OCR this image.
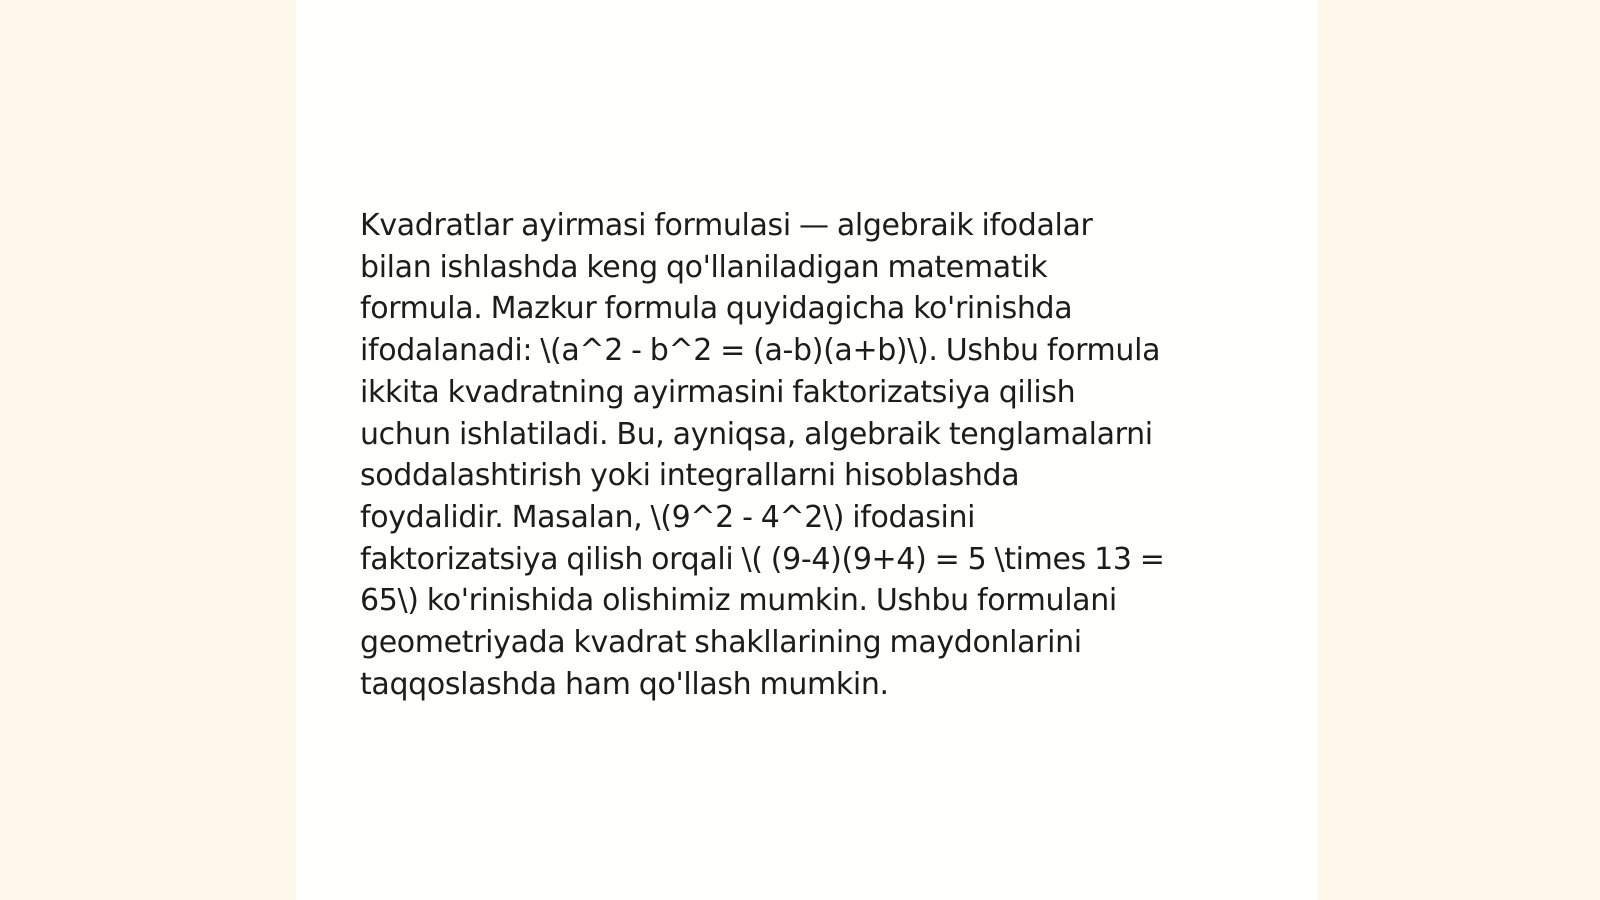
Kvadratlar ayirmasi formulasi — algebraik ifodalar
bilan ishlashda keng qo'llaniladigan matematik
formula. Mazkur formula quyidagicha ko'rinishda
ifodalanadi: \(a^2 - b^2 = (a-b)(a+b)\). Ushbu formula
ikkita kvadratning ayirmasini faktorizatsiya qilish
uchun ishlatiladi. Bu, ayniqsa, algebraik tenglamalarni
soddalashtirish yoki integrallarni hisoblashda
foydalidir. Masalan, \(9^2 - 4^2\) ifodasini
faktorizatsiya qilish orqali \( (9-4)(9+4) = 5 \times 13 =
65\) ko'rinishida olishimiz mumkin. Ushbu formulani
geometriyada kvadrat shakllarining maydonlarini
taqqoslashda ham qo'llash mumkin.
